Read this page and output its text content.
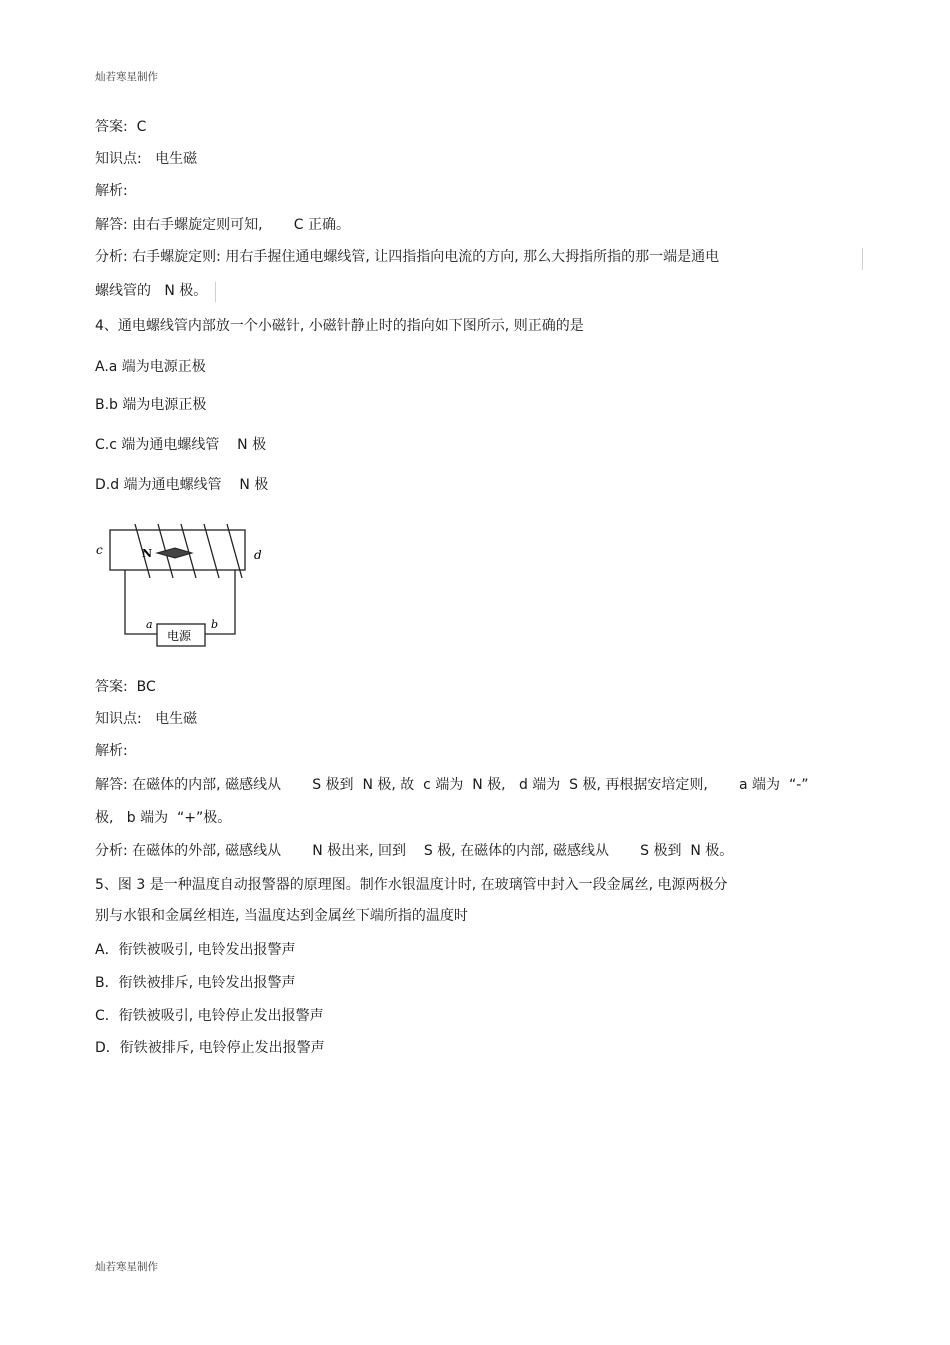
灿若寒星制作
答案:  C
知识点:   电生磁
解析:
解答: 由右手螺旋定则可知,       C 正确。
分析: 右手螺旋定则: 用右手握住通电螺线管, 让四指指向电流的方向, 那么大拇指所指的那一端是通电
螺线管的   N 极。
4、通电螺线管内部放一个小磁针, 小磁针静止时的指向如下图所示, 则正确的是
A.a 端为电源正极
B.b 端为电源正极
C.c 端为通电螺线管    N 极
D.d 端为通电螺线管    N 极
c	d
N
a	b
电源
答案:  BC
知识点:   电生磁
解析:
解答: 在磁体的内部, 磁感线从       S 极到  N 极, 故  c 端为  N 极,   d 端为  S 极, 再根据安培定则,       a 端为  “-”
极,   b 端为  “+”极。
分析: 在磁体的外部, 磁感线从       N 极出来, 回到    S 极, 在磁体的内部, 磁感线从       S 极到  N 极。
5、图 3 是一种温度自动报警器的原理图。制作水银温度计时, 在玻璃管中封入一段金属丝, 电源两极分
别与水银和金属丝相连, 当温度达到金属丝下端所指的温度时
A．衔铁被吸引, 电铃发出报警声
B．衔铁被排斥, 电铃发出报警声
C．衔铁被吸引, 电铃停止发出报警声
D．衔铁被排斥, 电铃停止发出报警声
灿若寒星制作
